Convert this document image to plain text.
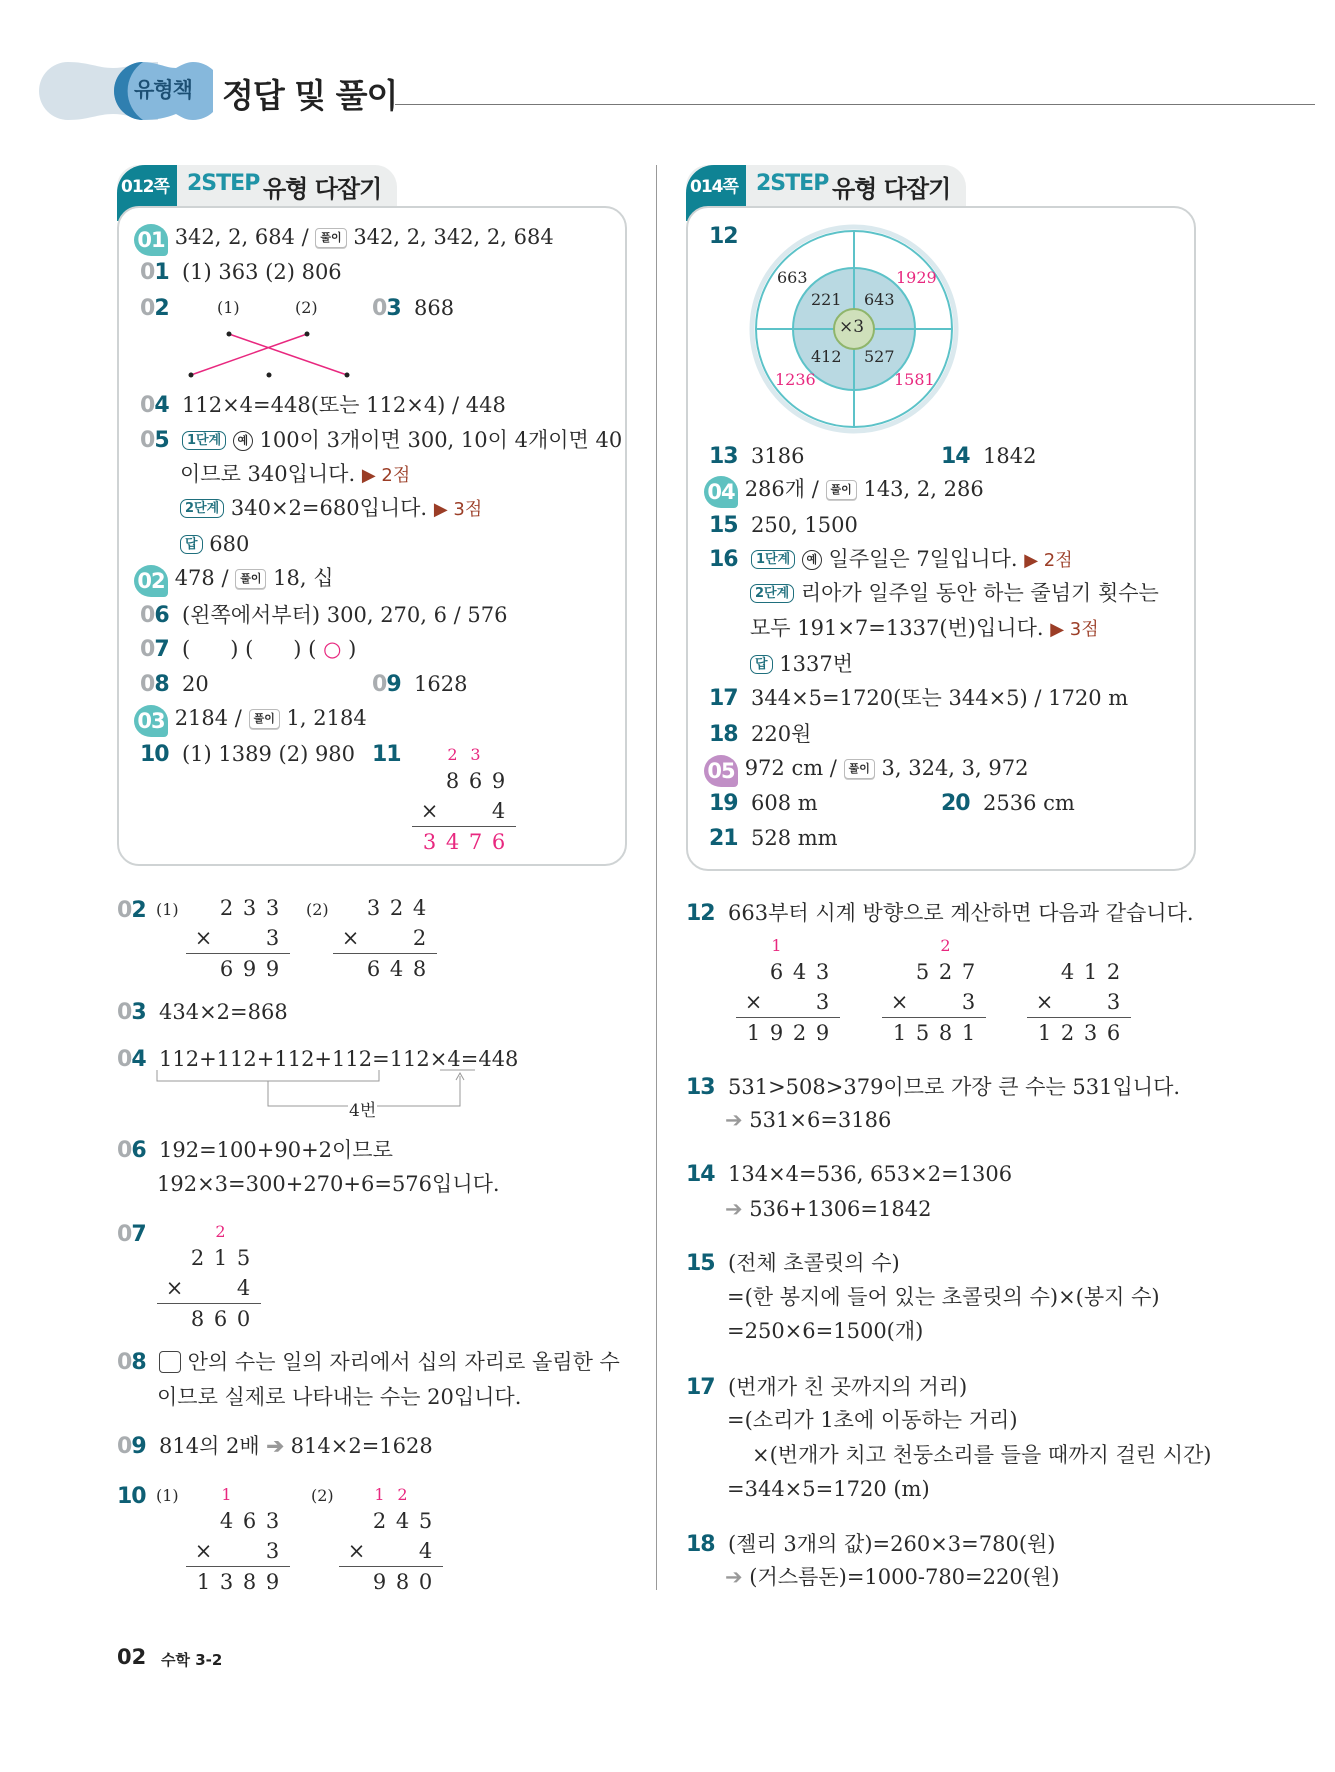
유형책 정답 및 풀이
012쪽 2STEP 유형 다잡기
01 342, 2, 684 / 풀이 342, 2, 342, 2, 684
01 (1) 363 (2) 806
02	(1)	(2) 03 868
04 112×4=448(또는 112×4) / 448
05 1단계 예 100이 3개이면 300, 10이 4개이면 40
이므로 340입니다. ▶ 2점
2단계 340×2=680입니다. ▶ 3점
답 680
02 478 / 풀이 18, 십
06 (왼쪽에서부터) 300, 270, 6 / 576
07 ( ) ( ) ( ○ )
08 20	09 1628
03 2184 / 풀이 1, 2184
10 (1) 1389 (2) 980 11	2 3
8 6 9
×	4
3 4 7 6
014쪽 2STEP 유형 다잡기
12
×3
221 643
527
412
663	1929
1581
1236
13 3186	14 1842
04 286개 / 풀이 143, 2, 286
15 250, 1500
16 1단계 예 일주일은 7일입니다. ▶ 2점
2단계 리아가 일주일 동안 하는 줄넘기 횟수는
모두 191×7=1337(번)입니다. ▶ 3점
답 1337번
17 344×5=1720(또는 344×5) / 1720 m
18 220원
05 972 cm / 풀이 3, 324, 3, 972
19 608 m	20 2536 cm
21 528 mm
02 (1) 2 3 3
×	3
6 9 9
(2) 3 2 4
×	2
6 4 8
03 434×2=868
04 112+112+112+112=112×4=448
4번
06 192=100+90+2이므로
192×3=300+270+6=576입니다.
07	2
2 1 5
×	4
8 6 0
08 안의 수는 일의 자리에서 십의 자리로 올림한 수
이므로 실제로 나타내는 수는 20입니다.
09 814의 2배 ➔ 814×2=1628
10 (1)	1
4 6 3
×	3
1 3 8 9
(2)	1 2
2 4 5
×	4
9 8 0
12 663부터 시계 방향으로 계산하면 다음과 같습니다.
1
6 4 3
×	3
1 9 2 9
2
5 2 7
×	3
1 5 8 1
4 1 2
×	3
1 2 3 6
13 531>508>379이므로 가장 큰 수는 531입니다.
➔ 531×6=3186
14 134×4=536, 653×2=1306
➔ 536+1306=1842
15 (전체 초콜릿의 수)
=(한 봉지에 들어 있는 초콜릿의 수)×(봉지 수)
=250×6=1500(개)
17 (번개가 친 곳까지의 거리)
=(소리가 1초에 이동하는 거리)
×(번개가 치고 천둥소리를 들을 때까지 걸린 시간)
=344×5=1720 (m)
18 (젤리 3개의 값)=260×3=780(원)
➔ (거스름돈)=1000-780=220(원)
02 수학 3-2
